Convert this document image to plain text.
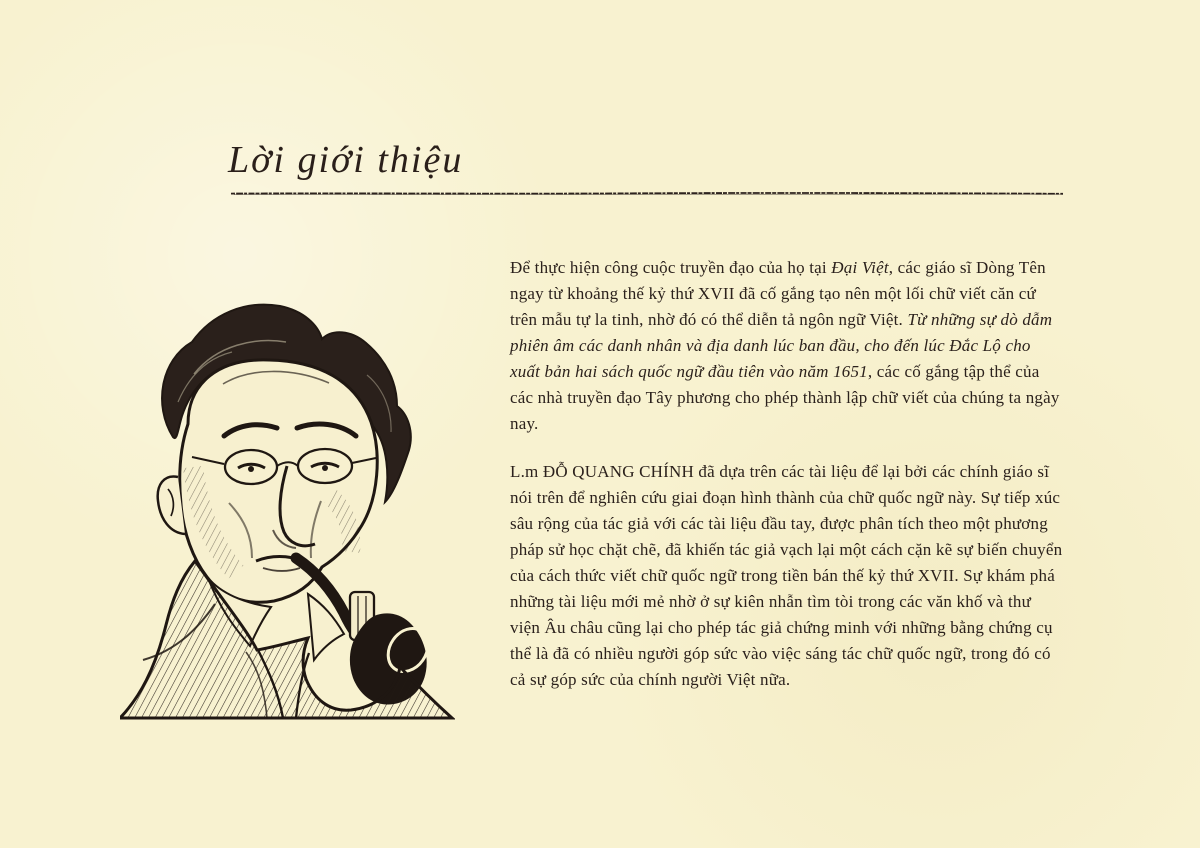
Lời giới thiệu

Để thực hiện công cuộc truyền đạo của họ tại Đại Việt, các giáo sĩ Dòng Tên ngay từ khoảng thế kỷ thứ XVII đã cố gắng tạo nên một lối chữ viết căn cứ trên mẫu tự la tinh, nhờ đó có thể diễn tả ngôn ngữ Việt. Từ những sự dò dẫm phiên âm các danh nhân và địa danh lúc ban đầu, cho đến lúc Đắc Lộ cho xuất bản hai sách quốc ngữ đầu tiên vào năm 1651, các cố gắng tập thể của các nhà truyền đạo Tây phương cho phép thành lập chữ viết của chúng ta ngày nay.

L.m ĐỖ QUANG CHÍNH đã dựa trên các tài liệu để lại bởi các chính giáo sĩ nói trên để nghiên cứu giai đoạn hình thành của chữ quốc ngữ này. Sự tiếp xúc sâu rộng của tác giả với các tài liệu đầu tay, được phân tích theo một phương pháp sử học chặt chẽ, đã khiến tác giả vạch lại một cách cặn kẽ sự biến chuyển của cách thức viết chữ quốc ngữ trong tiền bán thế kỷ thứ XVII. Sự khám phá những tài liệu mới mẻ nhờ ở sự kiên nhẫn tìm tòi trong các văn khố và thư viện Âu châu cũng lại cho phép tác giả chứng minh với những bằng chứng cụ thể là đã có nhiều người góp sức vào việc sáng tác chữ quốc ngữ, trong đó có cả sự góp sức của chính người Việt nữa.
